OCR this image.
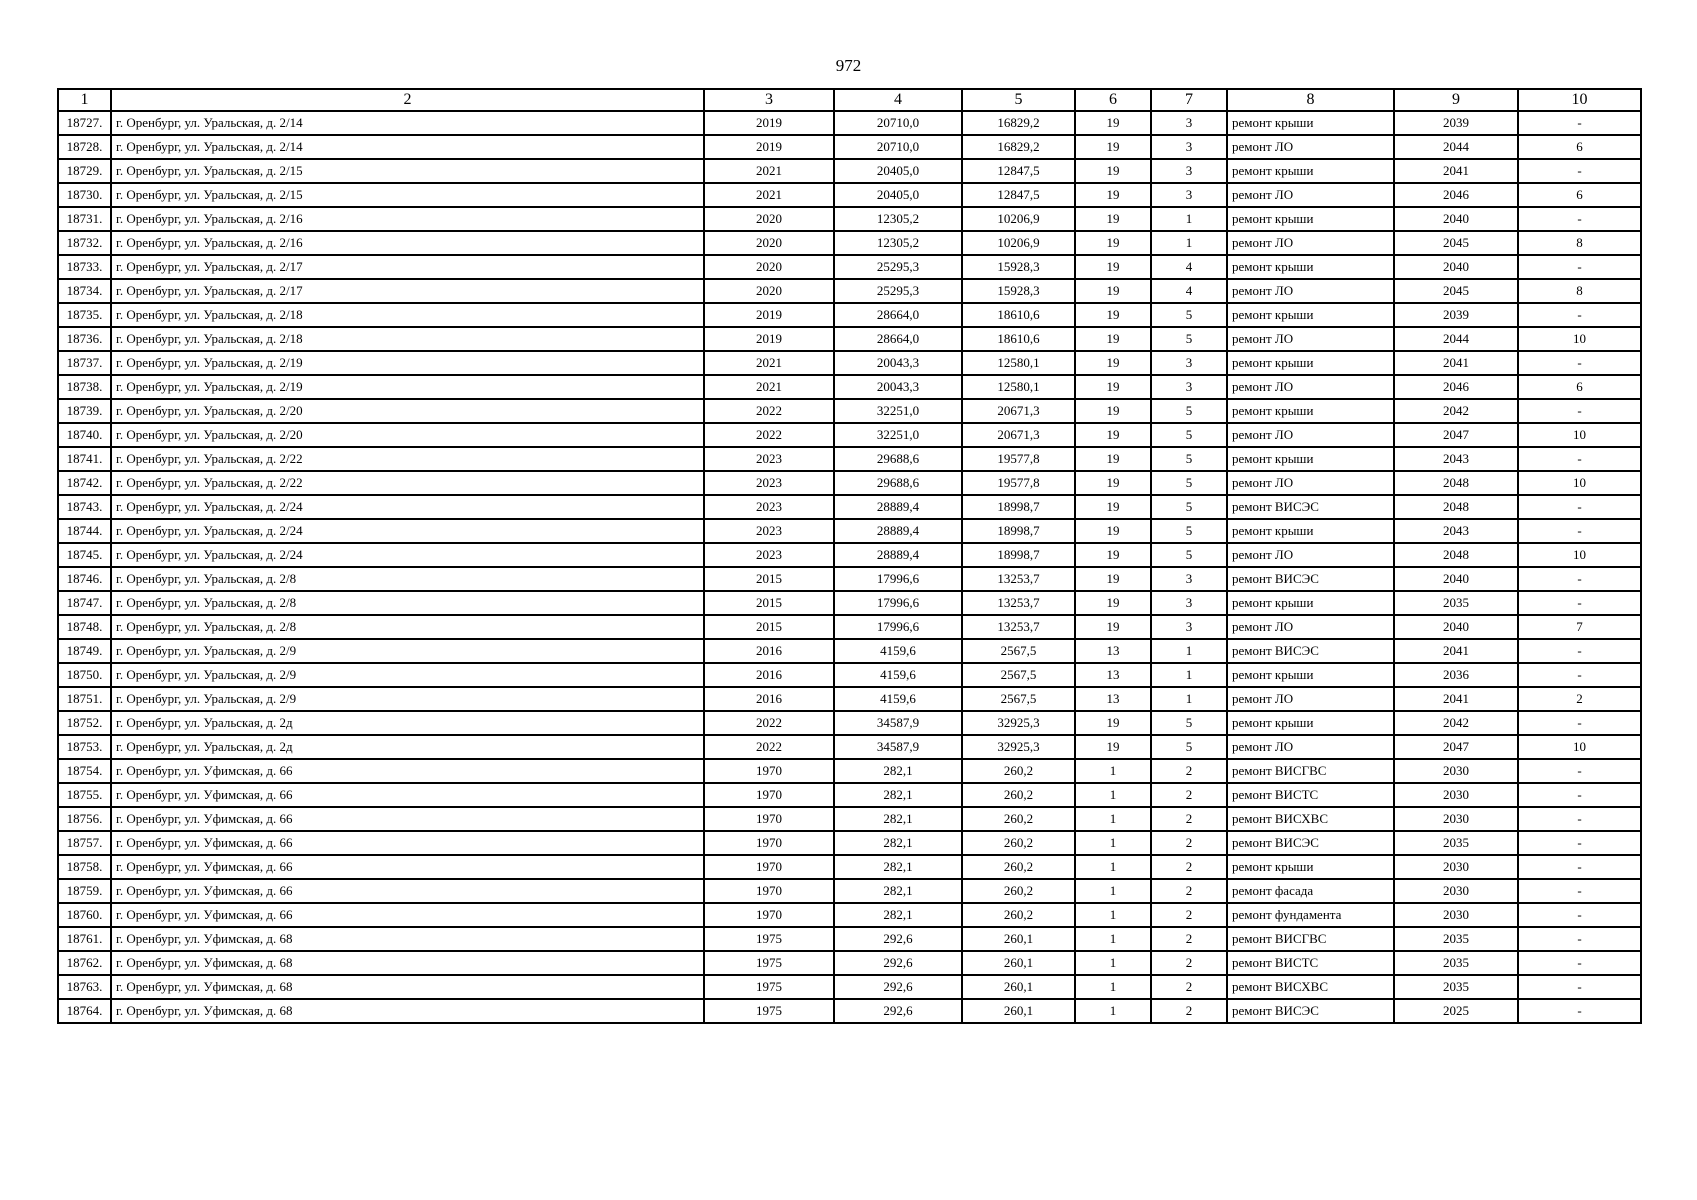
972
1	2	3	4	5	6	7	8	9	10
18727.	г. Оренбург, ул. Уральская, д. 2/14	2019	20710,0	16829,2	19	3	ремонт крыши	2039	-
18728.	г. Оренбург, ул. Уральская, д. 2/14	2019	20710,0	16829,2	19	3	ремонт ЛО	2044	6
18729.	г. Оренбург, ул. Уральская, д. 2/15	2021	20405,0	12847,5	19	3	ремонт крыши	2041	-
18730.	г. Оренбург, ул. Уральская, д. 2/15	2021	20405,0	12847,5	19	3	ремонт ЛО	2046	6
18731.	г. Оренбург, ул. Уральская, д. 2/16	2020	12305,2	10206,9	19	1	ремонт крыши	2040	-
18732.	г. Оренбург, ул. Уральская, д. 2/16	2020	12305,2	10206,9	19	1	ремонт ЛО	2045	8
18733.	г. Оренбург, ул. Уральская, д. 2/17	2020	25295,3	15928,3	19	4	ремонт крыши	2040	-
18734.	г. Оренбург, ул. Уральская, д. 2/17	2020	25295,3	15928,3	19	4	ремонт ЛО	2045	8
18735.	г. Оренбург, ул. Уральская, д. 2/18	2019	28664,0	18610,6	19	5	ремонт крыши	2039	-
18736.	г. Оренбург, ул. Уральская, д. 2/18	2019	28664,0	18610,6	19	5	ремонт ЛО	2044	10
18737.	г. Оренбург, ул. Уральская, д. 2/19	2021	20043,3	12580,1	19	3	ремонт крыши	2041	-
18738.	г. Оренбург, ул. Уральская, д. 2/19	2021	20043,3	12580,1	19	3	ремонт ЛО	2046	6
18739.	г. Оренбург, ул. Уральская, д. 2/20	2022	32251,0	20671,3	19	5	ремонт крыши	2042	-
18740.	г. Оренбург, ул. Уральская, д. 2/20	2022	32251,0	20671,3	19	5	ремонт ЛО	2047	10
18741.	г. Оренбург, ул. Уральская, д. 2/22	2023	29688,6	19577,8	19	5	ремонт крыши	2043	-
18742.	г. Оренбург, ул. Уральская, д. 2/22	2023	29688,6	19577,8	19	5	ремонт ЛО	2048	10
18743.	г. Оренбург, ул. Уральская, д. 2/24	2023	28889,4	18998,7	19	5	ремонт ВИСЭС	2048	-
18744.	г. Оренбург, ул. Уральская, д. 2/24	2023	28889,4	18998,7	19	5	ремонт крыши	2043	-
18745.	г. Оренбург, ул. Уральская, д. 2/24	2023	28889,4	18998,7	19	5	ремонт ЛО	2048	10
18746.	г. Оренбург, ул. Уральская, д. 2/8	2015	17996,6	13253,7	19	3	ремонт ВИСЭС	2040	-
18747.	г. Оренбург, ул. Уральская, д. 2/8	2015	17996,6	13253,7	19	3	ремонт крыши	2035	-
18748.	г. Оренбург, ул. Уральская, д. 2/8	2015	17996,6	13253,7	19	3	ремонт ЛО	2040	7
18749.	г. Оренбург, ул. Уральская, д. 2/9	2016	4159,6	2567,5	13	1	ремонт ВИСЭС	2041	-
18750.	г. Оренбург, ул. Уральская, д. 2/9	2016	4159,6	2567,5	13	1	ремонт крыши	2036	-
18751.	г. Оренбург, ул. Уральская, д. 2/9	2016	4159,6	2567,5	13	1	ремонт ЛО	2041	2
18752.	г. Оренбург, ул. Уральская, д. 2д	2022	34587,9	32925,3	19	5	ремонт крыши	2042	-
18753.	г. Оренбург, ул. Уральская, д. 2д	2022	34587,9	32925,3	19	5	ремонт ЛО	2047	10
18754.	г. Оренбург, ул. Уфимская, д. 66	1970	282,1	260,2	1	2	ремонт ВИСГВС	2030	-
18755.	г. Оренбург, ул. Уфимская, д. 66	1970	282,1	260,2	1	2	ремонт ВИСТС	2030	-
18756.	г. Оренбург, ул. Уфимская, д. 66	1970	282,1	260,2	1	2	ремонт ВИСХВС	2030	-
18757.	г. Оренбург, ул. Уфимская, д. 66	1970	282,1	260,2	1	2	ремонт ВИСЭС	2035	-
18758.	г. Оренбург, ул. Уфимская, д. 66	1970	282,1	260,2	1	2	ремонт крыши	2030	-
18759.	г. Оренбург, ул. Уфимская, д. 66	1970	282,1	260,2	1	2	ремонт фасада	2030	-
18760.	г. Оренбург, ул. Уфимская, д. 66	1970	282,1	260,2	1	2	ремонт фундамента	2030	-
18761.	г. Оренбург, ул. Уфимская, д. 68	1975	292,6	260,1	1	2	ремонт ВИСГВС	2035	-
18762.	г. Оренбург, ул. Уфимская, д. 68	1975	292,6	260,1	1	2	ремонт ВИСТС	2035	-
18763.	г. Оренбург, ул. Уфимская, д. 68	1975	292,6	260,1	1	2	ремонт ВИСХВС	2035	-
18764.	г. Оренбург, ул. Уфимская, д. 68	1975	292,6	260,1	1	2	ремонт ВИСЭС	2025	-
